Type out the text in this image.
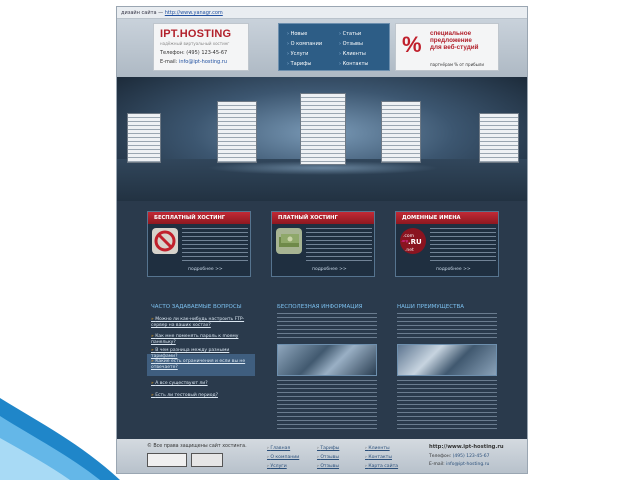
дизайн сайта — http://www.yanagr.com
IPT.HOSTING
надёжный виртуальный хостинг
Телефон: (495) 123-45-67
E-mail: info@ipt-hosting.ru
› Новые
› О компании
› Услуги
› Тарифы
› Статьи
› Отзывы
› Клиенты
› Контакты
% специальное
предложение
для веб-студий
партнёрам % от прибыли
БЕСПЛАТНЫЙ ХОСТИНГ
подробнее >>
ПЛАТНЫЙ ХОСТИНГ
подробнее >>
ДОМЕННЫЕ ИМЕНА
.com
.RU
.net
.org
подробнее >>
ЧАСТО ЗАДАВАЕМЫЕ ВОПРОСЫ
» Можно ли как-нибудь настроить FTP-сервер на ваших хостах?
» Как мне поменять пароль к moему панельку?
» В чем разница между разными тарифами?
» Какие есть ограничения и если вы не отвечаете?
» А все существуют ли?
» Есть ли тестовый период?
БЕСПОЛЕЗНАЯ ИНФОРМАЦИЯ	НАШИ ПРЕИМУЩЕСТВА
© Все права защищены сайт хостинга.
›	Главная
› О компании
› Услуги
› Тарифы
› Отзывы
› Отзывы
› Клиенты
› Контакты
› Карта сайта
http://www.ipt-hosting.ru
Телефон: (495) 123-45-67
E-mail: info@ipt-hosting.ru
